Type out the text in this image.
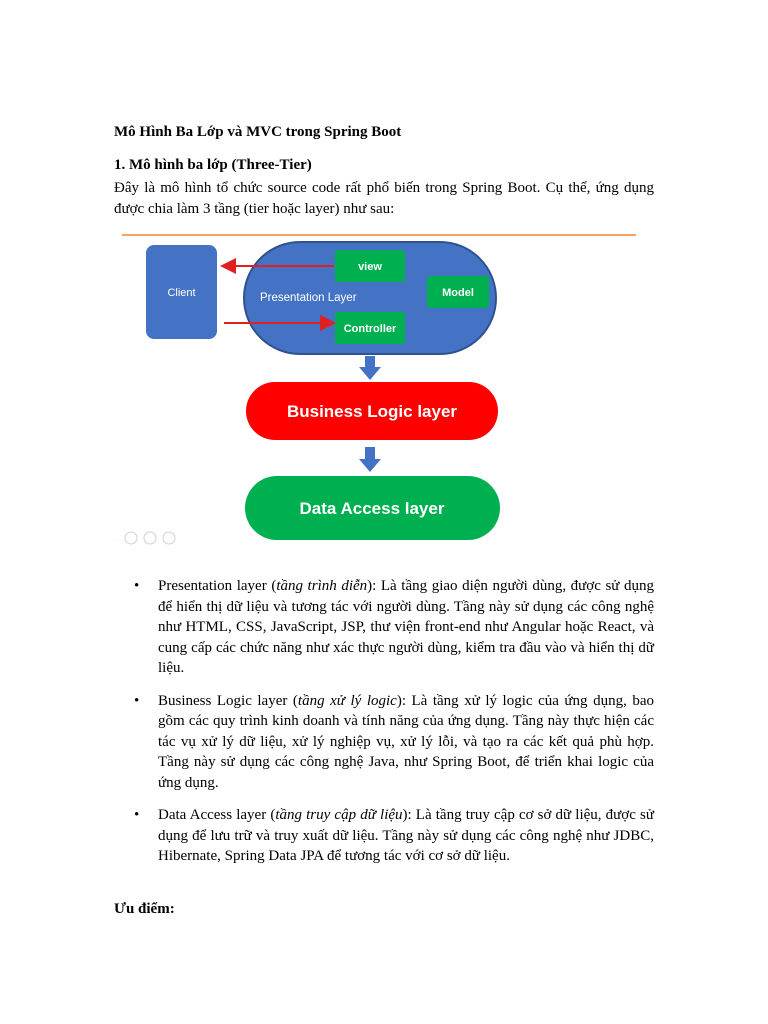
Mô Hình Ba Lớp và MVC trong Spring Boot
1. Mô hình ba lớp (Three-Tier)
Đây là mô hình tổ chức source code rất phổ biến trong Spring Boot. Cụ thể, ứng dụng được chia làm 3 tầng (tier hoặc layer) như sau:
Client	Presentation Layer
view
Controller
Model
Business Logic layer
Data Access layer
·
• Presentation layer (tầng trình diễn): Là tầng giao diện người dùng, được sử dụng để hiển thị dữ liệu và tương tác với người dùng. Tầng này sử dụng các công nghệ như HTML, CSS, JavaScript, JSP, thư viện front-end như Angular hoặc React, và cung cấp các chức năng như xác thực người dùng, kiểm tra đầu vào và hiển thị dữ liệu.
• Business Logic layer (tầng xử lý logic): Là tầng xử lý logic của ứng dụng, bao gồm các quy trình kinh doanh và tính năng của ứng dụng. Tầng này thực hiện các tác vụ xử lý dữ liệu, xử lý nghiệp vụ, xử lý lỗi, và tạo ra các kết quả phù hợp. Tầng này sử dụng các công nghệ Java, như Spring Boot, để triển khai logic của ứng dụng.
• Data Access layer (tầng truy cập dữ liệu): Là tầng truy cập cơ sở dữ liệu, được sử dụng để lưu trữ và truy xuất dữ liệu. Tầng này sử dụng các công nghệ như JDBC, Hibernate, Spring Data JPA để tương tác với cơ sở dữ liệu.
Ưu điểm:
